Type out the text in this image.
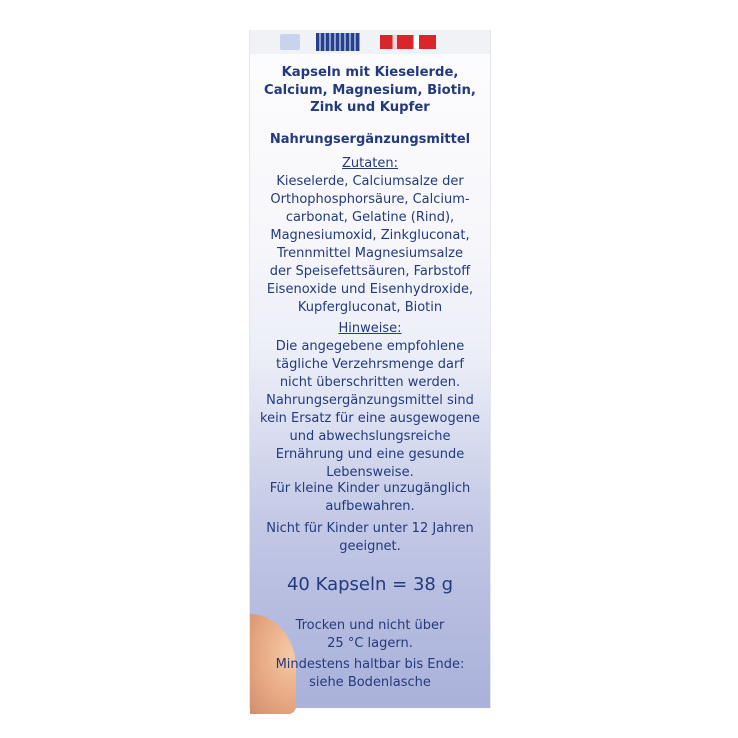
Kapseln mit Kieselerde,
Calcium, Magnesium, Biotin,
Zink und Kupfer
Nahrungsergänzungsmittel
Zutaten:
Kieselerde, Calciumsalze der
Orthophosphorsäure, Calcium-
carbonat, Gelatine (Rind),
Magnesiumoxid, Zinkgluconat,
Trennmittel Magnesiumsalze
der Speisefettsäuren, Farbstoff
Eisenoxide und Eisenhydroxide,
Kupfergluconat, Biotin
Hinweise:
Die angegebene empfohlene
tägliche Verzehrsmenge darf
nicht überschritten werden.
Nahrungsergänzungsmittel sind
kein Ersatz für eine ausgewogene
und abwechslungsreiche
Ernährung und eine gesunde
Lebensweise.
Für kleine Kinder unzugänglich
aufbewahren.
Nicht für Kinder unter 12 Jahren
geeignet.
40 Kapseln = 38 g
Trocken und nicht über
25 °C lagern.
Mindestens haltbar bis Ende:
siehe Bodenlasche
